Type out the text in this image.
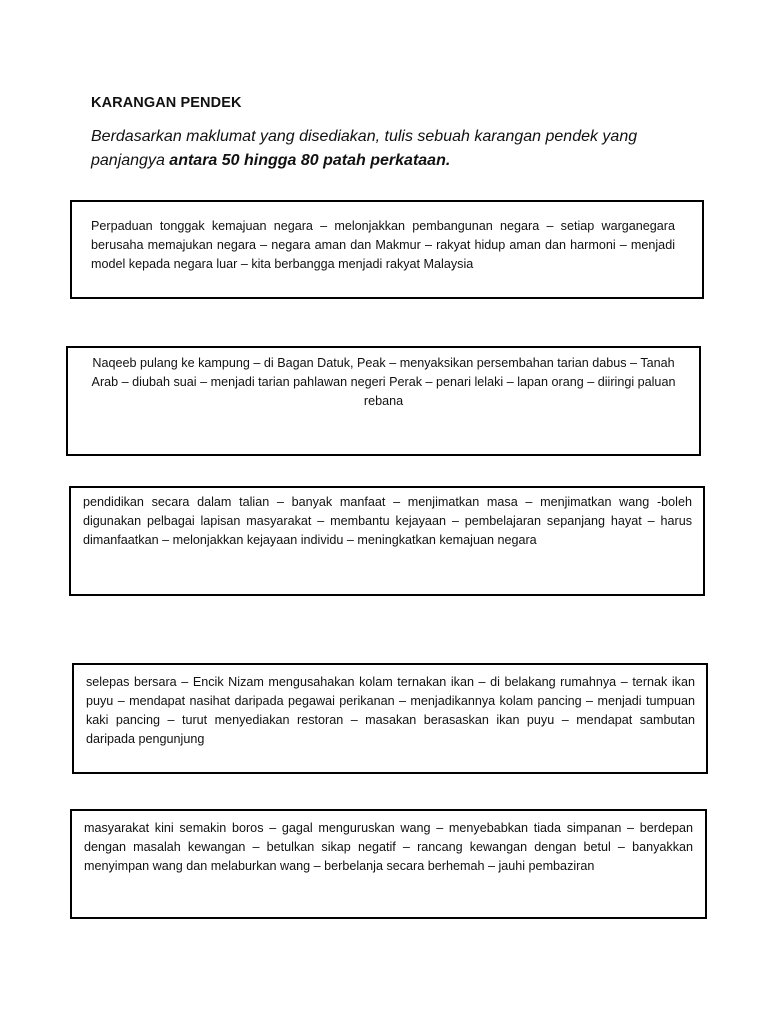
KARANGAN PENDEK
Berdasarkan maklumat yang disediakan, tulis sebuah karangan pendek yang panjangya antara 50 hingga 80 patah perkataan.
Perpaduan tonggak kemajuan negara – melonjakkan pembangunan negara – setiap warganegara berusaha memajukan negara – negara aman dan Makmur – rakyat hidup aman dan harmoni – menjadi model kepada negara luar – kita berbangga menjadi rakyat Malaysia
Naqeeb pulang ke kampung – di Bagan Datuk, Peak – menyaksikan persembahan tarian dabus – Tanah Arab – diubah suai – menjadi tarian pahlawan negeri Perak – penari lelaki – lapan orang – diiringi paluan rebana
pendidikan secara dalam talian – banyak manfaat – menjimatkan masa – menjimatkan wang -boleh digunakan pelbagai lapisan masyarakat – membantu kejayaan – pembelajaran sepanjang hayat – harus dimanfaatkan – melonjakkan kejayaan individu – meningkatkan kemajuan negara
selepas bersara – Encik Nizam mengusahakan kolam ternakan ikan – di belakang rumahnya – ternak ikan puyu – mendapat nasihat daripada pegawai perikanan – menjadikannya kolam pancing – menjadi tumpuan kaki pancing – turut menyediakan restoran – masakan berasaskan ikan puyu – mendapat sambutan daripada pengunjung
masyarakat kini semakin boros – gagal menguruskan wang – menyebabkan tiada simpanan – berdepan dengan masalah kewangan – betulkan sikap negatif – rancang kewangan dengan betul – banyakkan menyimpan wang dan melaburkan wang – berbelanja secara berhemah – jauhi pembaziran
